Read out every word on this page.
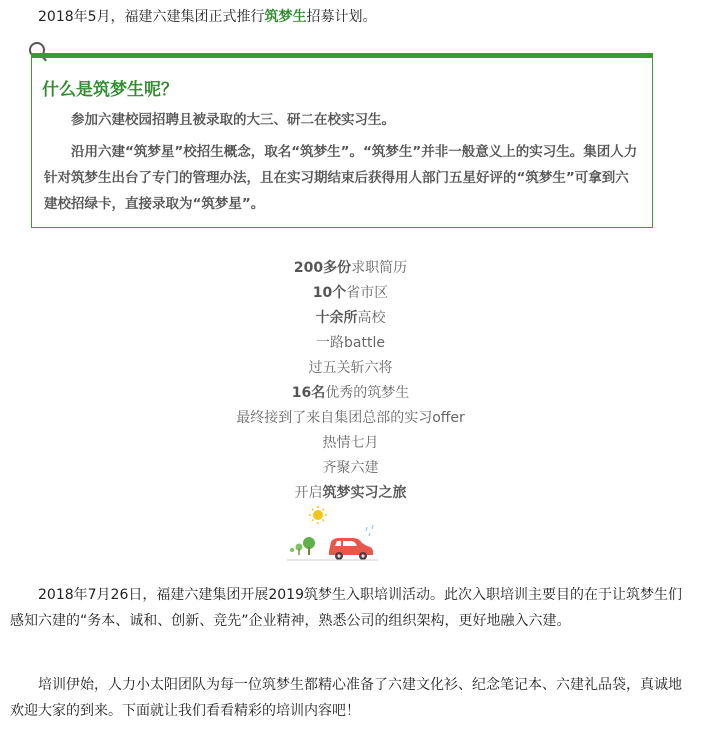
2018年5月，福建六建集团正式推行筑梦生招募计划。

什么是筑梦生呢？

参加六建校园招聘且被录取的大三、研二在校实习生。

沿用六建“筑梦星”校招生概念，取名“筑梦生”。“筑梦生”并非一般意义上的实习生。集团人力针对筑梦生出台了专门的管理办法，且在实习期结束后获得用人部门五星好评的“筑梦生”可拿到六建校招绿卡，直接录取为“筑梦星”。

200多份求职简历

10个省市区

十余所高校

一路battle

过五关斩六将

16名优秀的筑梦生

最终接到了来自集团总部的实习offer

热情七月

齐聚六建

开启筑梦实习之旅

2018年7月26日，福建六建集团开展2019筑梦生入职培训活动。此次入职培训主要目的在于让筑梦生们感知六建的“务本、诚和、创新、竞先”企业精神，熟悉公司的组织架构，更好地融入六建。

培训伊始，人力小太阳团队为每一位筑梦生都精心准备了六建文化衫、纪念笔记本、六建礼品袋，真诚地欢迎大家的到来。下面就让我们看看精彩的培训内容吧！
